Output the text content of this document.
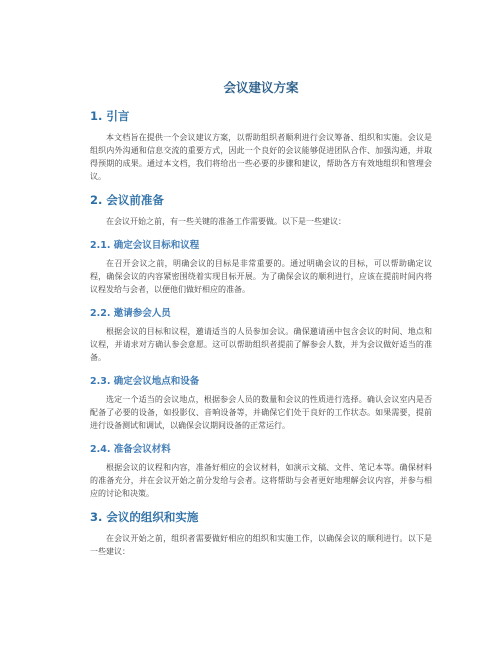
会议建议方案
1. 引言

本文档旨在提供一个会议建议方案，以帮助组织者顺利进行会议筹备、组织和实施。会议是组织内外沟通和信息交流的重要方式，因此一个良好的会议能够促进团队合作、加强沟通，并取得预期的成果。通过本文档，我们将给出一些必要的步骤和建议，帮助各方有效地组织和管理会议。

2. 会议前准备

在会议开始之前，有一些关键的准备工作需要做。以下是一些建议：

2.1. 确定会议目标和议程

在召开会议之前，明确会议的目标是非常重要的。通过明确会议的目标，可以帮助确定议程，确保会议的内容紧密围绕着实现目标开展。为了确保会议的顺利进行，应该在提前时间内将议程发给与会者，以便他们做好相应的准备。

2.2. 邀请参会人员

根据会议的目标和议程，邀请适当的人员参加会议。确保邀请函中包含会议的时间、地点和议程，并请求对方确认参会意愿。这可以帮助组织者提前了解参会人数，并为会议做好适当的准备。

2.3. 确定会议地点和设备

选定一个适当的会议地点，根据参会人员的数量和会议的性质进行选择。确认会议室内是否配备了必要的设备，如投影仪、音响设备等，并确保它们处于良好的工作状态。如果需要，提前进行设备测试和调试，以确保会议期间设备的正常运行。

2.4. 准备会议材料

根据会议的议程和内容，准备好相应的会议材料，如演示文稿、文件、笔记本等。确保材料的准备充分，并在会议开始之前分发给与会者。这将帮助与会者更好地理解会议内容，并参与相应的讨论和决策。

3. 会议的组织和实施

在会议开始之前，组织者需要做好相应的组织和实施工作，以确保会议的顺利进行。以下是一些建议：
